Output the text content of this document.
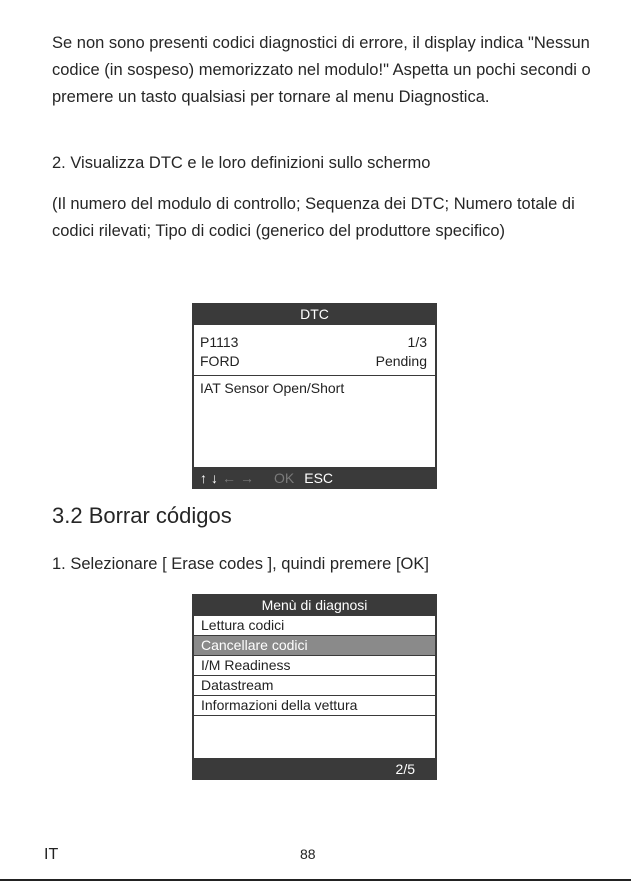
Se non sono presenti codici diagnostici di errore, il display indica "Nessun codice (in sospeso) memorizzato nel modulo!" Aspetta un pochi secondi o premere un tasto qualsiasi per tornare al menu Diagnostica.

2. Visualizza DTC e le loro definizioni sullo schermo

(Il numero del modulo di controllo; Sequenza dei DTC; Numero totale di codici rilevati; Tipo di codici (generico del produttore specifico)

DTC
P1113	1/3
FORD	Pending
IAT Sensor Open/Short
↑ ↓ ← → OK ESC
3.2 Borrar códigos

1. Selezionare [ Erase codes ], quindi premere [OK]

Menù di diagnosi
Lettura codici
Cancellare codici
I/M Readiness
Datastream
Informazioni della vettura
2/5
IT	88
